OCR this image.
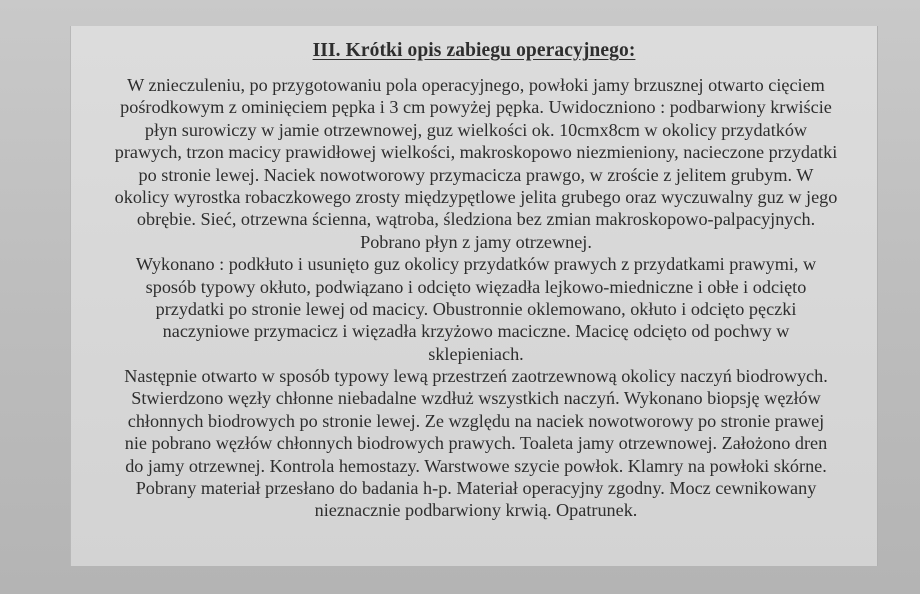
III. Krótki opis zabiegu operacyjnego:
W znieczuleniu, po przygotowaniu pola operacyjnego, powłoki jamy brzusznej otwarto cięciem
pośrodkowym z ominięciem pępka i 3 cm powyżej pępka. Uwidoczniono : podbarwiony krwiście
płyn surowiczy w jamie otrzewnowej, guz wielkości ok. 10cmx8cm w okolicy przydatków
prawych, trzon macicy prawidłowej wielkości, makroskopowo niezmieniony, nacieczone przydatki
po stronie lewej. Naciek nowotworowy przymacicza prawgo, w zroście z jelitem grubym. W
okolicy wyrostka robaczkowego zrosty międzypętlowe jelita grubego oraz wyczuwalny guz w jego
obrębie. Sieć, otrzewna ścienna, wątroba, śledziona bez zmian makroskopowo-palpacyjnych.
Pobrano płyn z jamy otrzewnej.
Wykonano : podkłuto i usunięto guz okolicy przydatków prawych z przydatkami prawymi, w
sposób typowy okłuto, podwiązano i odcięto więzadła lejkowo-miedniczne i obłe i odcięto
przydatki po stronie lewej od macicy. Obustronnie oklemowano, okłuto i odcięto pęczki
naczyniowe przymacicz i więzadła krzyżowo maciczne. Macicę odcięto od pochwy w
sklepieniach.
Następnie otwarto w sposób typowy lewą przestrzeń zaotrzewnową okolicy naczyń biodrowych.
Stwierdzono węzły chłonne niebadalne wzdłuż wszystkich naczyń. Wykonano biopsję węzłów
chłonnych biodrowych po stronie lewej. Ze względu na naciek nowotworowy po stronie prawej
nie pobrano węzłów chłonnych biodrowych prawych. Toaleta jamy otrzewnowej. Założono dren
do jamy otrzewnej. Kontrola hemostazy. Warstwowe szycie powłok. Klamry na powłoki skórne.
Pobrany materiał przesłano do badania h-p. Materiał operacyjny zgodny. Mocz cewnikowany
nieznacznie podbarwiony krwią. Opatrunek.
